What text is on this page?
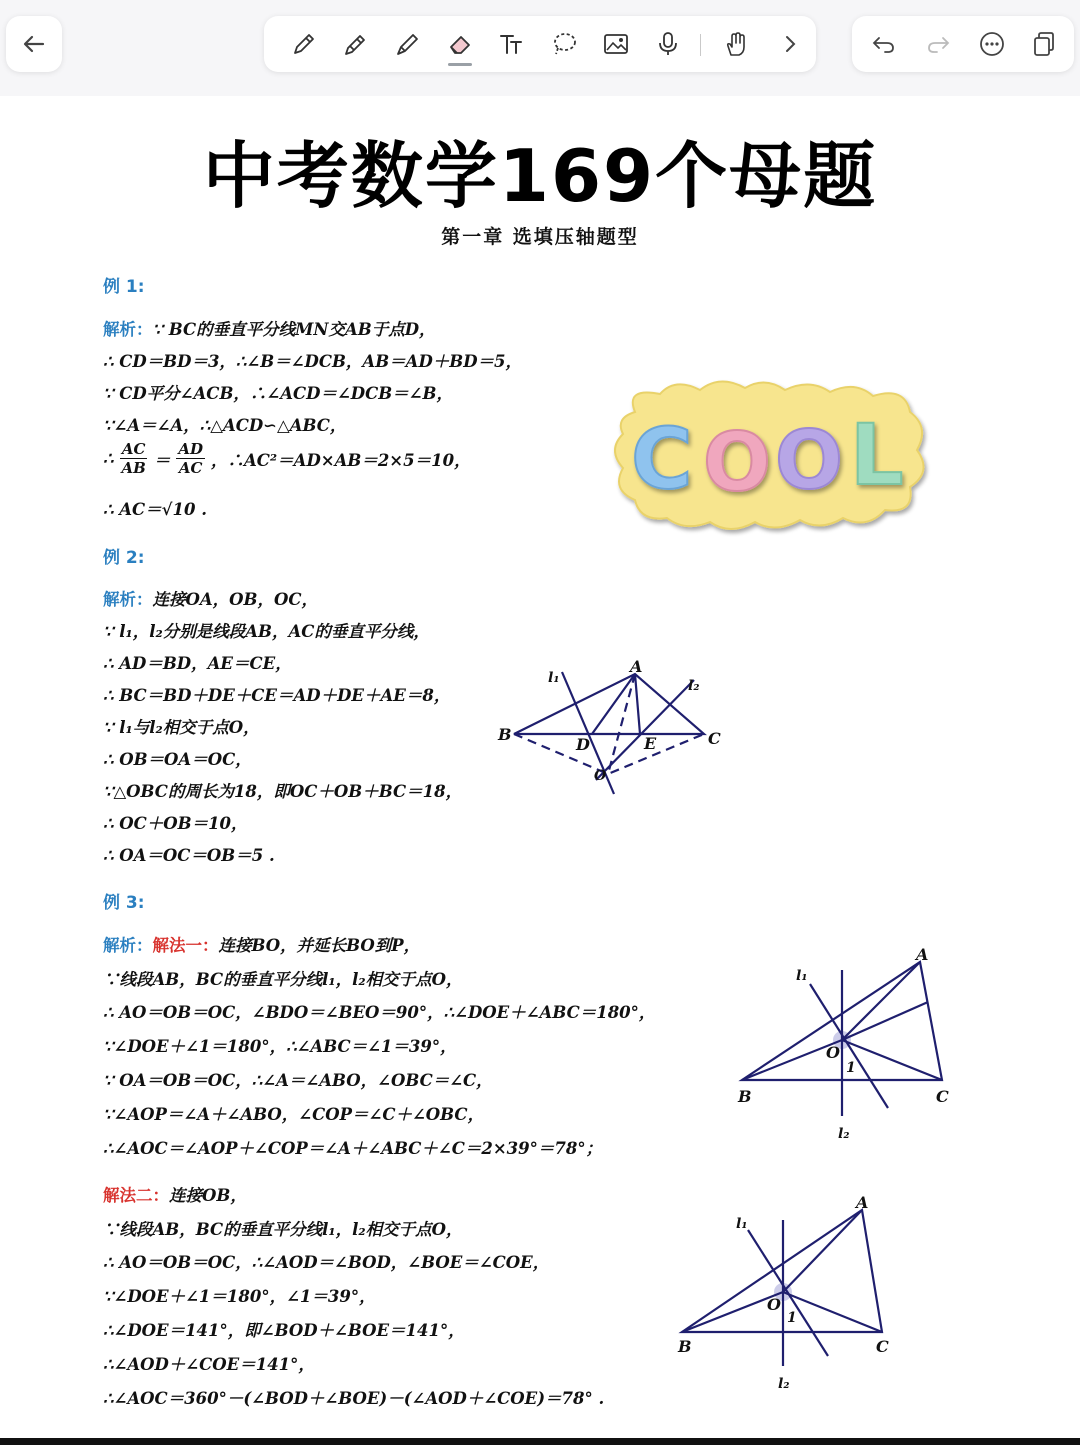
中考数学169个母题
第一章 选填压轴题型
例 1:
解析：∵ BC的垂直平分线MN交AB于点D，
∴ CD＝BD＝3，∴∠B＝∠DCB，AB＝AD＋BD＝5，
∵ CD平分∠ACB，∴∠ACD＝∠DCB＝∠B，
∵∠A＝∠A，∴△ACD∽△ABC，
∴ $\frac{AC}{AB} = \frac{AD}{AC}$ ，∴AC²＝AD×AB＝2×5＝10，
∴ AC＝√10 .
C O O L
例 2:
解析：连接OA，OB，OC，
∵ l₁，l₂分别是线段AB，AC的垂直平分线，
∴ AD＝BD，AE＝CE，
∴ BC＝BD＋DE＋CE＝AD＋DE＋AE＝8，
∵ l₁与l₂相交于点O，
∴ OB＝OA＝OC，
∵△OBC的周长为18，即OC＋OB＋BC＝18，
∴ OC＋OB＝10，
∴ OA＝OC＝OB＝5 .
A
B	C
D	E
O
l₁	l₂
例 3:
解析：解法一：连接BO，并延长BO到P，
∵线段AB，BC的垂直平分线l₁，l₂相交于点O，
∴ AO＝OB＝OC，∠BDO＝∠BEO＝90°，∴∠DOE＋∠ABC＝180°，
∵∠DOE＋∠1＝180°，∴∠ABC＝∠1＝39°，
∵ OA＝OB＝OC，∴∠A＝∠ABO，∠OBC＝∠C，
∵∠AOP＝∠A＋∠ABO，∠COP＝∠C＋∠OBC，
∴∠AOC＝∠AOP＋∠COP＝∠A＋∠ABC＋∠C＝2×39°＝78°；
解法二：连接OB，
∵线段AB，BC的垂直平分线l₁，l₂相交于点O，
∴ AO＝OB＝OC，∴∠AOD＝∠BOD，∠BOE＝∠COE，
∵∠DOE＋∠1＝180°，∠1＝39°，
∴∠DOE＝141°，即∠BOD＋∠BOE＝141°，
∴∠AOD＋∠COE＝141°，
∴∠AOC＝360°－(∠BOD＋∠BOE)－(∠AOD＋∠COE)＝78° .
A
B	C
O
1
l₁
l₂
A
B	C
O
1
l₁
l₂
